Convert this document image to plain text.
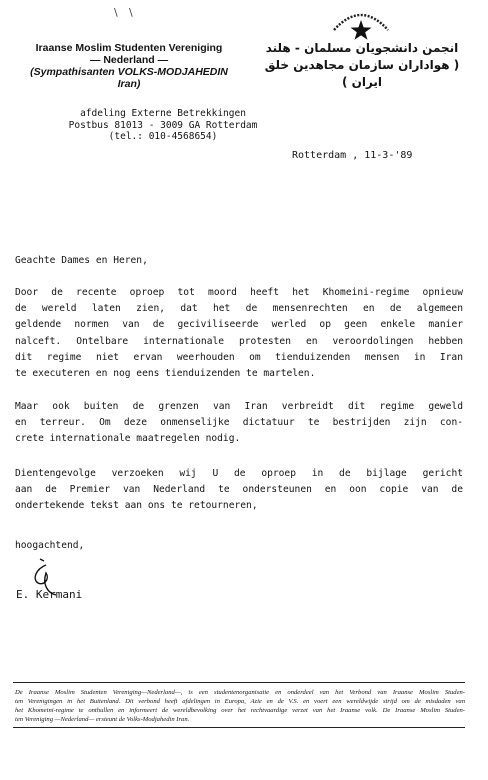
\ \
Iraanse Moslim Studenten Vereniging
— Nederland —
(Sympathisanten VOLKS-MODJAHEDIN Iran)
انجمن دانشجویان مسلمان - هلند
( هواداران سازمان مجاهدین خلق ایران )
afdeling Externe Betrekkingen
Postbus 81013 - 3009 GA Rotterdam
(tel.: 010-4568654)
Rotterdam , 11-3-'89
Geachte Dames en Heren,
Door de recente oproep tot moord heeft het Khomeini-regime opnieuw
de wereld laten zien, dat het de mensenrechten en de algemeen
geldende normen van de geciviliseerde werled op geen enkele manier
nalceft. Ontelbare internationale protesten en veroordolingen hebben
dit regime niet ervan weerhouden om tienduizenden mensen in Iran
te executeren en nog eens tienduizenden te martelen.
Maar ook buiten de grenzen van Iran verbreidt dit regime geweld
en terreur. Om deze onmenselijke dictatuur te bestrijden zijn con-
crete internationale maatregelen nodig.
Dientengevolge verzoeken wij U de oproep in de bijlage gericht
aan de Premier van Nederland te ondersteunen en oon copie van de
ondertekende tekst aan ons te retourneren,
hoogachtend,
E. Kermani
De Iraanse Moslim Studenten Vereniging—Nederland—, is een studentenorganisatie en onderdeel van het Verbond van Iraanse Moslim Studen-
ten Verenigingen in het Buitenland. Dit verbond heeft afdelingen in Europa, Azie en de V.S. en voert een wereldwijde strijd om de misdaden van
het Khomeini-regime te onthullen en informeert de wereldbevolking over het rechtvaardige verzet van het Iraanse volk. De Iraanse Moslim Studen-
ten Vereniging —Nederland— ersteunt de Volks-Modjahedin Iran.
